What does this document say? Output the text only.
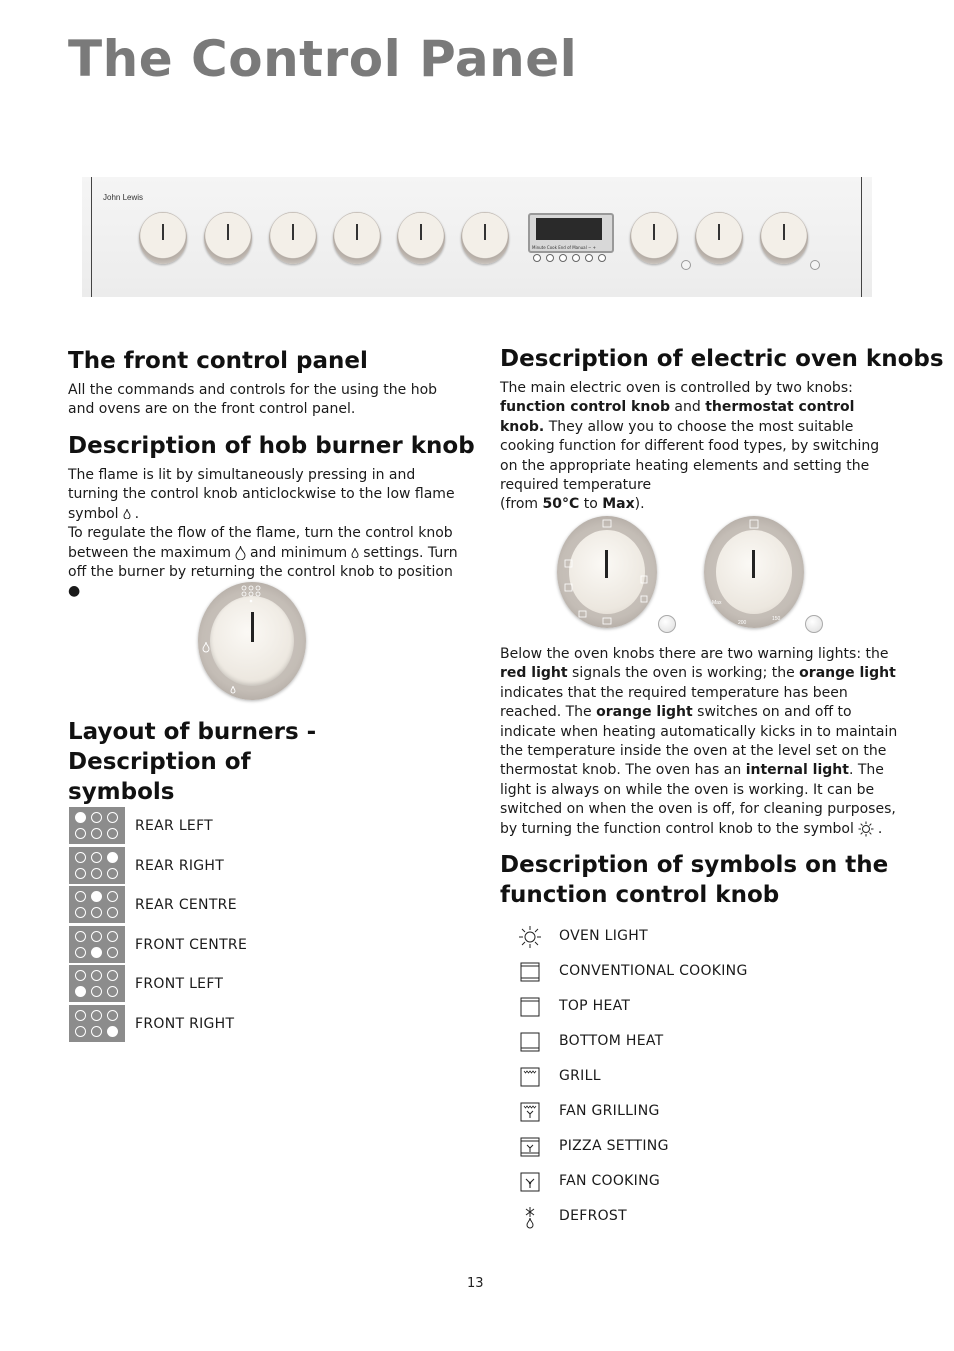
The Control Panel
John Lewis
Minute Cook End of Manual − +
The front control panel

All the commands and controls for the using the hob and ovens are on the front control panel.

Description of hob burner knob

The flame is lit by simultaneously pressing in and turning the control knob anticlockwise to the low flame symbol .
To regulate the flow of the flame, turn the control knob between the maximum and minimum settings. Turn off the burner by returning the control knob to position ●

Layout of burners - Description of
symbols
REAR LEFT
REAR RIGHT
REAR CENTRE
FRONT CENTRE
FRONT LEFT
FRONT RIGHT
Description of electric oven knobs

The main electric oven is controlled by two knobs: function control knob and thermostat control knob. They allow you to choose the most suitable cooking function for different food types, by switching on the appropriate heating elements and setting the required temperature
(from 50°C to Max).

Max
200
150

Below the oven knobs there are two warning lights: the red light signals the oven is working; the orange light indicates that the required temperature has been reached. The orange light switches on and off to indicate when heating automatically kicks in to maintain the temperature inside the oven at the level set on the thermostat knob. The oven has an internal light. The light is always on while the oven is working. It can be switched on when the oven is off, for cleaning purposes, by turning the function control knob to the symbol .

Description of symbols on the
function control knob
OVEN LIGHT
CONVENTIONAL COOKING
TOP HEAT
BOTTOM HEAT
GRILL
FAN GRILLING
PIZZA SETTING
FAN COOKING
DEFROST
13
